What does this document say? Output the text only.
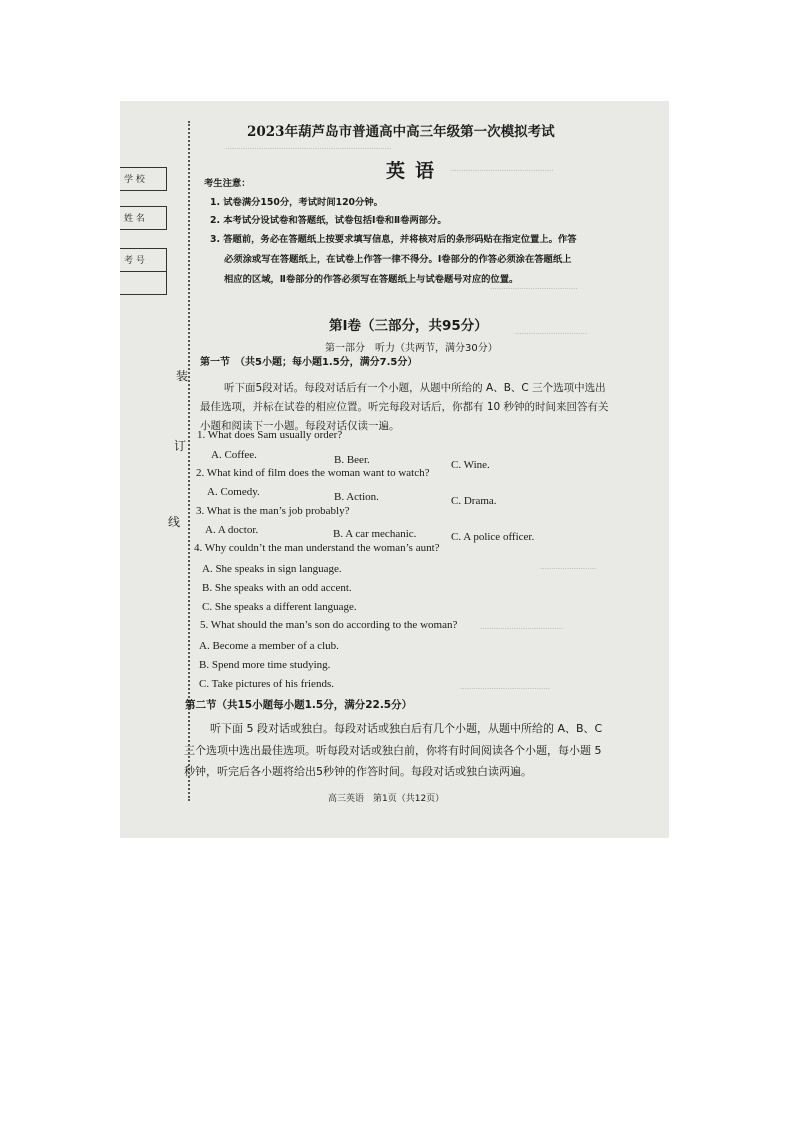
..........................................................................
..............................................
.......................................
................................
.........................
.....................................
........................................
学 校
姓 名
考 号
装
订
线
2023年葫芦岛市普通高中高三年级第一次模拟考试
英语
考生注意：
1. 试卷满分150分，考试时间120分钟。
2. 本考试分设试卷和答题纸，试卷包括Ⅰ卷和Ⅱ卷两部分。
3. 答题前，务必在答题纸上按要求填写信息，并将核对后的条形码贴在指定位置上。作答
必须涂或写在答题纸上，在试卷上作答一律不得分。Ⅰ卷部分的作答必须涂在答题纸上
相应的区域，Ⅱ卷部分的作答必须写在答题纸上与试卷题号对应的位置。
第Ⅰ卷（三部分，共95分）
第一部分　听力（共两节，满分30分）
第一节　（共5小题；每小题1.5分，满分7.5分）
听下面5段对话。每段对话后有一个小题，从题中所给的 A、B、C 三个选项中选出
最佳选项，并标在试卷的相应位置。听完每段对话后，你都有 10 秒钟的时间来回答有关
小题和阅读下一小题。每段对话仅读一遍。
1. What does Sam usually order?
A. Coffee.	B. Beer.	C. Wine.
2. What kind of film does the woman want to watch?
A. Comedy.	B. Action.	C. Drama.
3. What is the man’s job probably?
A. A doctor.	B. A car mechanic.	C. A police officer.
4. Why couldn’t the man understand the woman’s aunt?
A. She speaks in sign language.
B. She speaks with an odd accent.
C. She speaks a different language.
5. What should the man’s son do according to the woman?
A. Become a member of a club.
B. Spend more time studying.
C. Take pictures of his friends.
第二节（共15小题每小题1.5分，满分22.5分）
听下面 5 段对话或独白。每段对话或独白后有几个小题，从题中所给的 A、B、C
三个选项中选出最佳选项。听每段对话或独白前，你将有时间阅读各个小题，每小题 5
秒钟，听完后各小题将给出5秒钟的作答时间。每段对话或独白读两遍。
高三英语　第1页（共12页）
